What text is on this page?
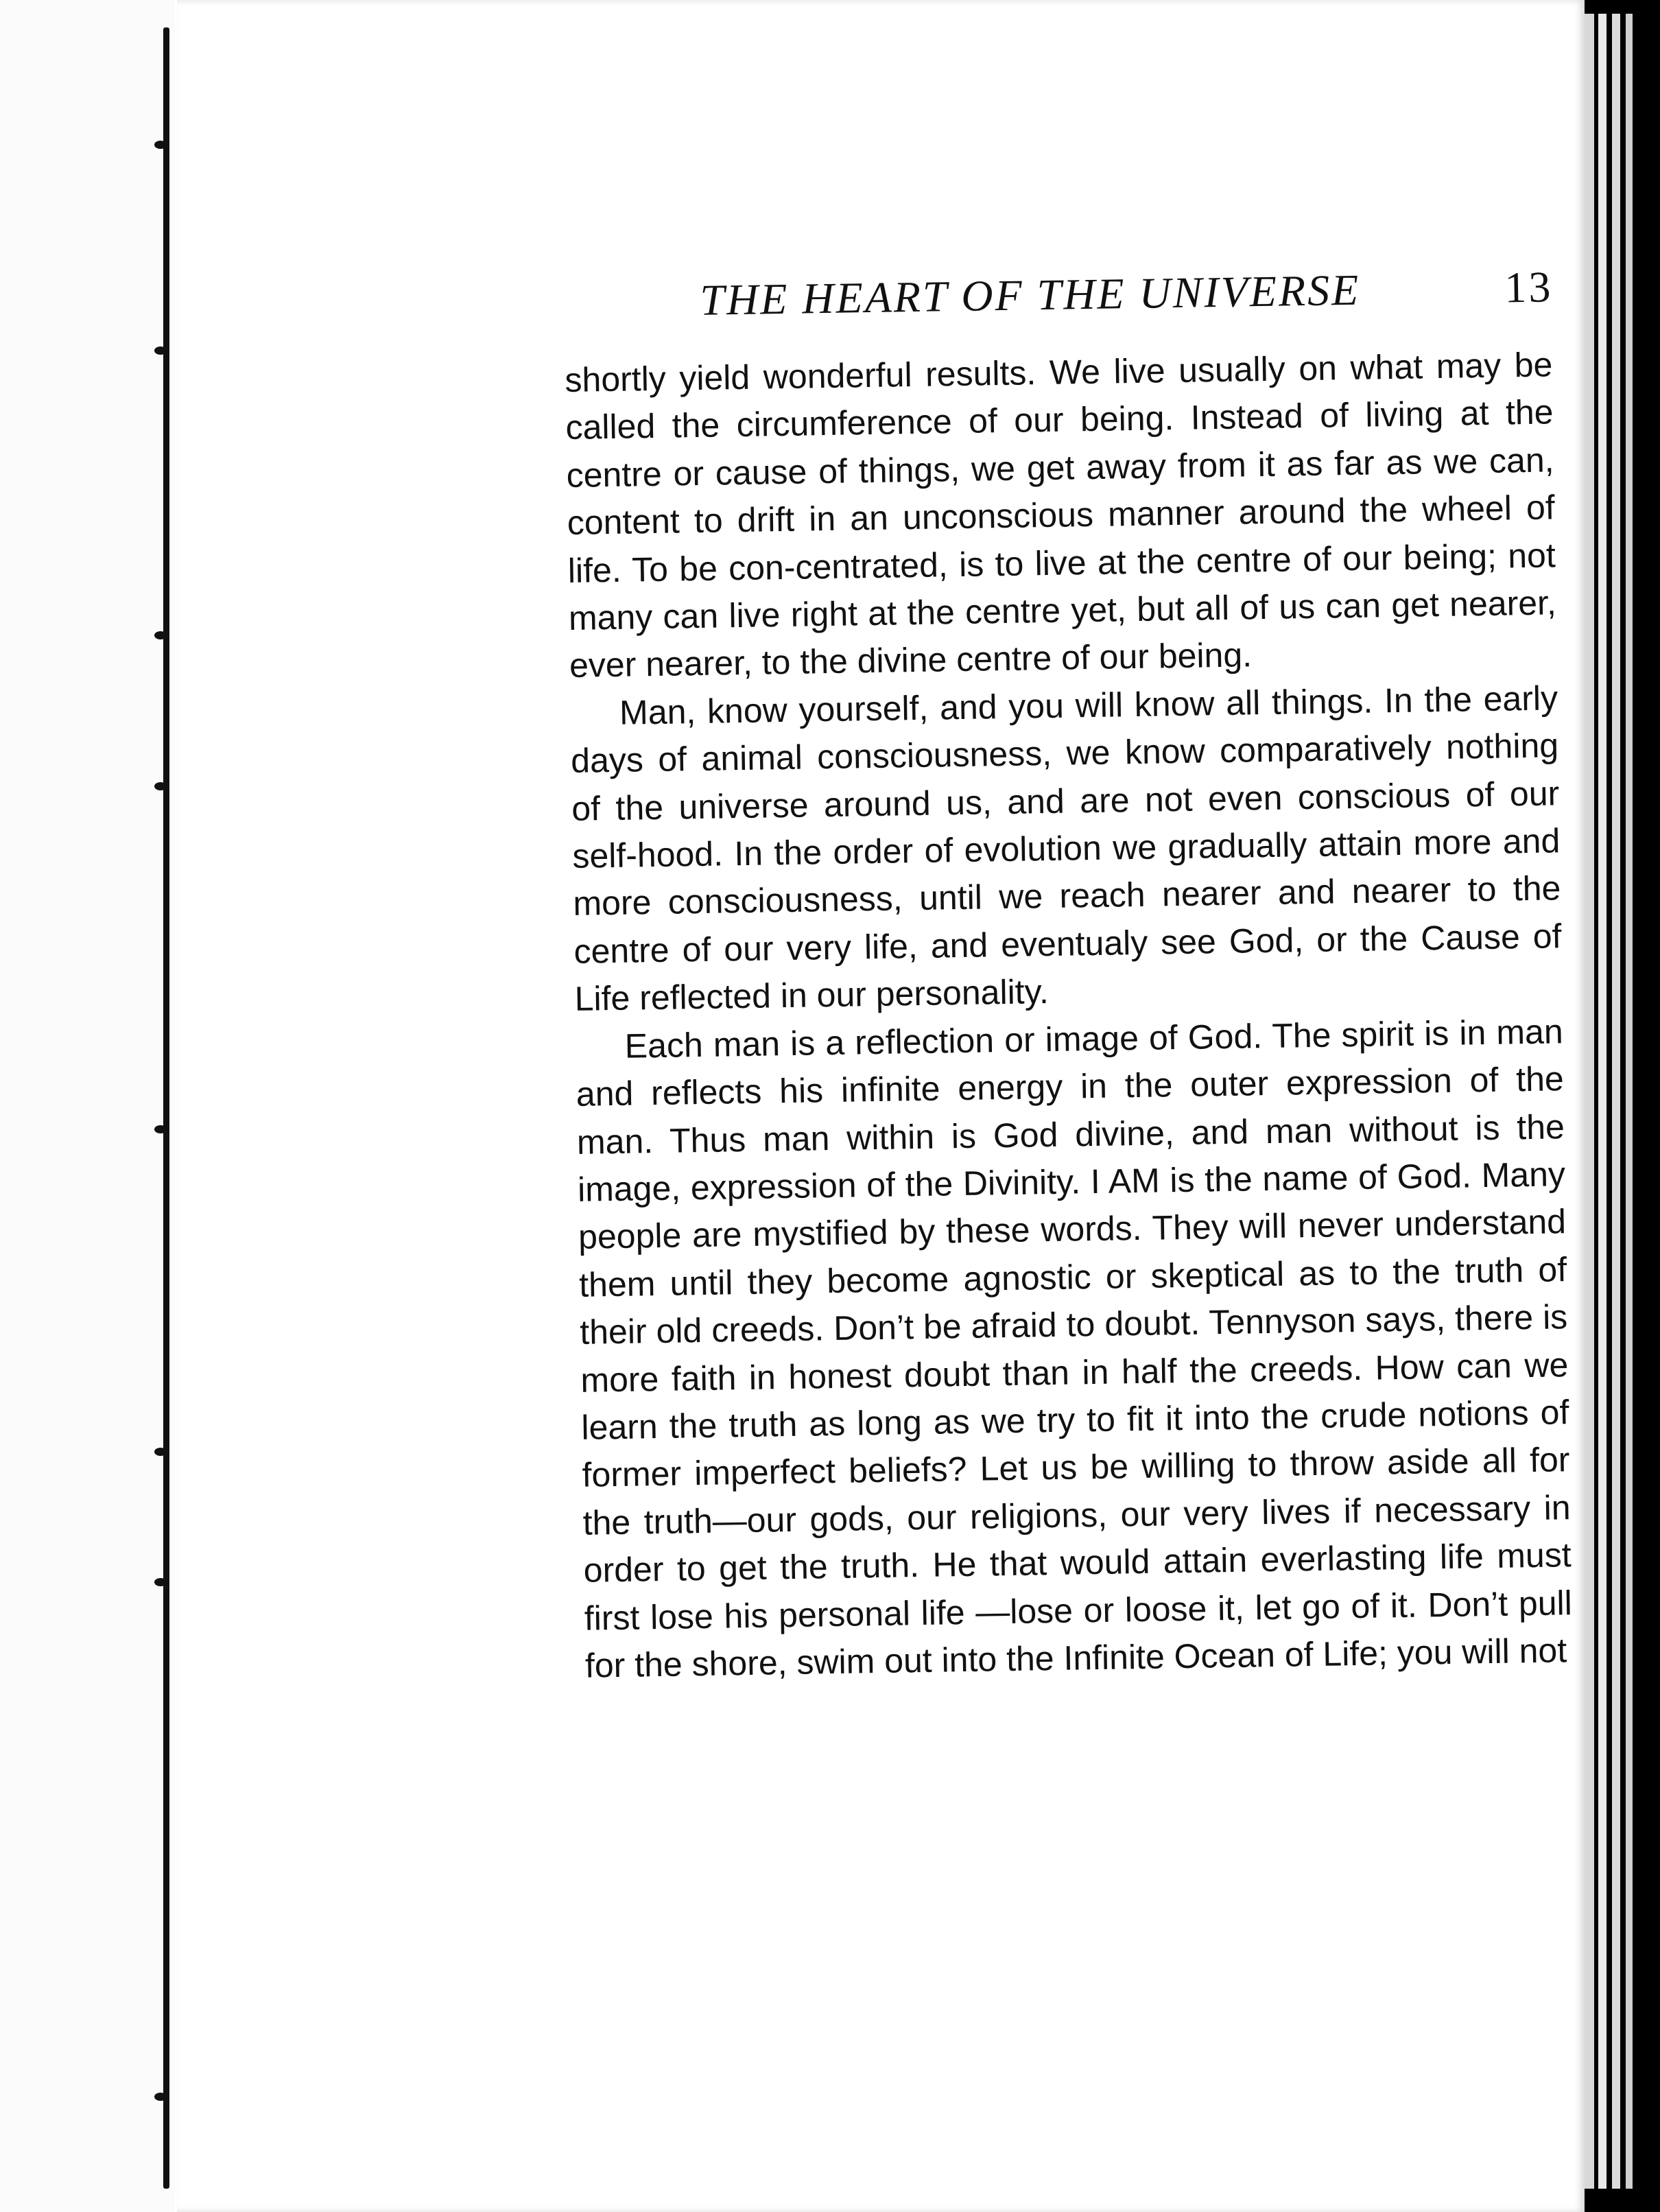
THE HEART OF THE UNIVERSE	13

shortly yield wonderful results. We live usually on what may be called the circumference of our being. Instead of living at the centre or cause of things, we get away from it as far as we can, content to drift in an unconscious manner around the wheel of life. To be con-centrated, is to live at the centre of our being; not many can live right at the centre yet, but all of us can get nearer, ever nearer, to the divine centre of our being.

Man, know yourself, and you will know all things. In the early days of animal consciousness, we know comparatively nothing of the universe around us, and are not even conscious of our self-hood. In the order of evolution we gradually attain more and more consciousness, until we reach nearer and nearer to the centre of our very life, and eventualy see God, or the Cause of Life reflected in our personality.

Each man is a reflection or image of God. The spirit is in man and reflects his infinite energy in the outer expression of the man. Thus man within is God divine, and man without is the image, expression of the Divinity. I AM is the name of God. Many people are mystified by these words. They will never understand them until they become agnostic or skeptical as to the truth of their old creeds. Don’t be afraid to doubt. Tennyson says, there is more faith in honest doubt than in half the creeds. How can we learn the truth as long as we try to fit it into the crude notions of former imperfect beliefs? Let us be willing to throw aside all for the truth—our gods, our religions, our very lives if necessary in order to get the truth. He that would attain everlasting life must first lose his personal life —lose or loose it, let go of it. Don’t pull for the shore, swim out into the Infinite Ocean of Life; you will not
